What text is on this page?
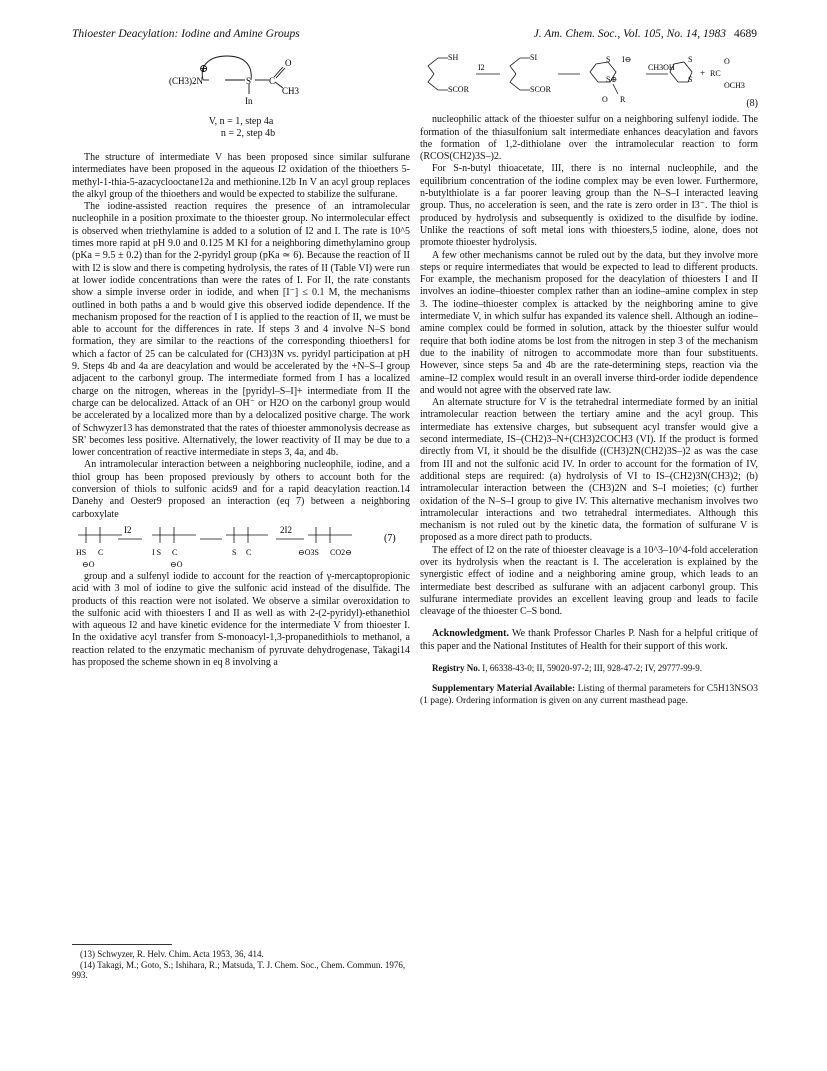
Thioester Deacylation: Iodine and Amine Groups	J. Am. Chem. Soc., Vol. 105, No. 14, 1983 4689
⊕
(CH3)2N	S C
O
CH3
In
V, n = 1, step 4a
n = 2, step 4b

The structure of intermediate V has been proposed since similar sulfurane intermediates have been proposed in the aqueous I2 oxidation of the thioethers 5-methyl-1-thia-5-azacyclooctane12a and methionine.12b In V an acyl group replaces the alkyl group of the thioethers and would be expected to stabilize the sulfurane.

The iodine-assisted reaction requires the presence of an intramolecular nucleophile in a position proximate to the thioester group. No intermolecular effect is observed when triethylamine is added to a solution of I2 and I. The rate is 10^5 times more rapid at pH 9.0 and 0.125 M KI for a neighboring dimethylamino group (pKa = 9.5 ± 0.2) than for the 2-pyridyl group (pKa ≃ 6). Because the reaction of II with I2 is slow and there is competing hydrolysis, the rates of II (Table VI) were run at lower iodide concentrations than were the rates of I. For II, the rate constants show a simple inverse order in iodide, and when [I⁻] ≤ 0.1 M, the mechanisms outlined in both paths a and b would give this observed iodide dependence. If the mechanism proposed for the reaction of I is applied to the reaction of II, we must be able to account for the differences in rate. If steps 3 and 4 involve N–S bond formation, they are similar to the reactions of the corresponding thioethers1 for which a factor of 25 can be calculated for (CH3)3N vs. pyridyl participation at pH 9. Steps 4b and 4a are deacylation and would be accelerated by the +N–S–I group adjacent to the carbonyl group. The intermediate formed from I has a localized charge on the nitrogen, whereas in the [pyridyl–S–I]+ intermediate from II the charge can be delocalized. Attack of an OH⁻ or H2O on the carbonyl group would be accelerated by a localized more than by a delocalized positive charge. The work of Schwyzer13 has demonstrated that the rates of thioester ammonolysis decrease as SR' becomes less positive. Alternatively, the lower reactivity of II may be due to a lower concentration of reactive intermediate in steps 3, 4a, and 4b.

An intramolecular interaction between a neighboring nucleophile, iodine, and a thiol group has been proposed previously by others to account both for the conversion of thiols to sulfonic acids9 and for a rapid deacylation reaction.14 Danehy and Oester9 proposed an interaction (eq 7) between a neighboring carboxylate

I2	2I2
HS C
⊖O
I S C
⊖O
S C	⊖O3S CO2⊖
(7)

group and a sulfenyl iodide to account for the reaction of γ-mercaptopropionic acid with 3 mol of iodine to give the sulfonic acid instead of the disulfide. The products of this reaction were not isolated. We observe a similar overoxidation to the sulfonic acid with thioesters I and II as well as with 2-(2-pyridyl)-ethanethiol with aqueous I2 and have kinetic evidence for the intermediate V from thioester I. In the oxidative acyl transfer from S-monoacyl-1,3-propanedithiols to methanol, a reaction related to the enzymatic mechanism of pyruvate dehydrogenase, Takagi14 has proposed the scheme shown in eq 8 involving a

SH
SCOR
I2
SI
SCOR
S
S⊕
I⊖
O R
CH3OH
S
S
+ RC
O
OCH3
(8)

nucleophilic attack of the thioester sulfur on a neighboring sulfenyl iodide. The formation of the thiasulfonium salt intermediate enhances deacylation and favors the formation of 1,2-dithiolane over the intramolecular reaction to form (RCOS(CH2)3S–)2.

For S-n-butyl thioacetate, III, there is no internal nucleophile, and the equilibrium concentration of the iodine complex may be even lower. Furthermore, n-butylthiolate is a far poorer leaving group than the N–S–I interacted leaving group. Thus, no acceleration is seen, and the rate is zero order in I3⁻. The thiol is produced by hydrolysis and subsequently is oxidized to the disulfide by iodine. Unlike the reactions of soft metal ions with thioesters,5 iodine, alone, does not promote thioester hydrolysis.

A few other mechanisms cannot be ruled out by the data, but they involve more steps or require intermediates that would be expected to lead to different products. For example, the mechanism proposed for the deacylation of thioesters I and II involves an iodine–thioester complex rather than an iodine–amine complex in step 3. The iodine–thioester complex is attacked by the neighboring amine to give intermediate V, in which sulfur has expanded its valence shell. Although an iodine–amine complex could be formed in solution, attack by the thioester sulfur would require that both iodine atoms be lost from the nitrogen in step 3 of the mechanism due to the inability of nitrogen to accommodate more than four substituents. However, since steps 5a and 4b are the rate-determining steps, reaction via the amine–I2 complex would result in an overall inverse third-order iodide dependence and would not agree with the observed rate law.

An alternate structure for V is the tetrahedral intermediate formed by an initial intramolecular reaction between the tertiary amine and the acyl group. This intermediate has extensive charges, but subsequent acyl transfer would give a second intermediate, IS–(CH2)3–N+(CH3)2COCH3 (VI). If the product is formed directly from VI, it should be the disulfide ((CH3)2N(CH2)3S–)2 as was the case from III and not the sulfonic acid IV. In order to account for the formation of IV, additional steps are required: (a) hydrolysis of VI to IS–(CH2)3N(CH3)2; (b) intramolecular interaction between the (CH3)2N and S–I moieties; (c) further oxidation of the N–S–I group to give IV. This alternative mechanism involves two intramolecular interactions and two tetrahedral intermediates. Although this mechanism is not ruled out by the kinetic data, the formation of sulfurane V is proposed as a more direct path to products.

The effect of I2 on the rate of thioester cleavage is a 10^3–10^4-fold acceleration over its hydrolysis when the reactant is I. The acceleration is explained by the synergistic effect of iodine and a neighboring amine group, which leads to an intermediate best described as sulfurane with an adjacent carbonyl group. This sulfurane intermediate provides an excellent leaving group and leads to facile cleavage of the thioester C–S bond.

Acknowledgment. We thank Professor Charles P. Nash for a helpful critique of this paper and the National Institutes of Health for their support of this work.

Registry No. I, 66338-43-0; II, 59020-97-2; III, 928-47-2; IV, 29777-99-9.

Supplementary Material Available: Listing of thermal parameters for C5H13NSO3 (1 page). Ordering information is given on any current masthead page.

(13) Schwyzer, R. Helv. Chim. Acta 1953, 36, 414.
(14) Takagi, M.; Goto, S.; Ishihara, R.; Matsuda, T. J. Chem. Soc., Chem. Commun. 1976, 993.
